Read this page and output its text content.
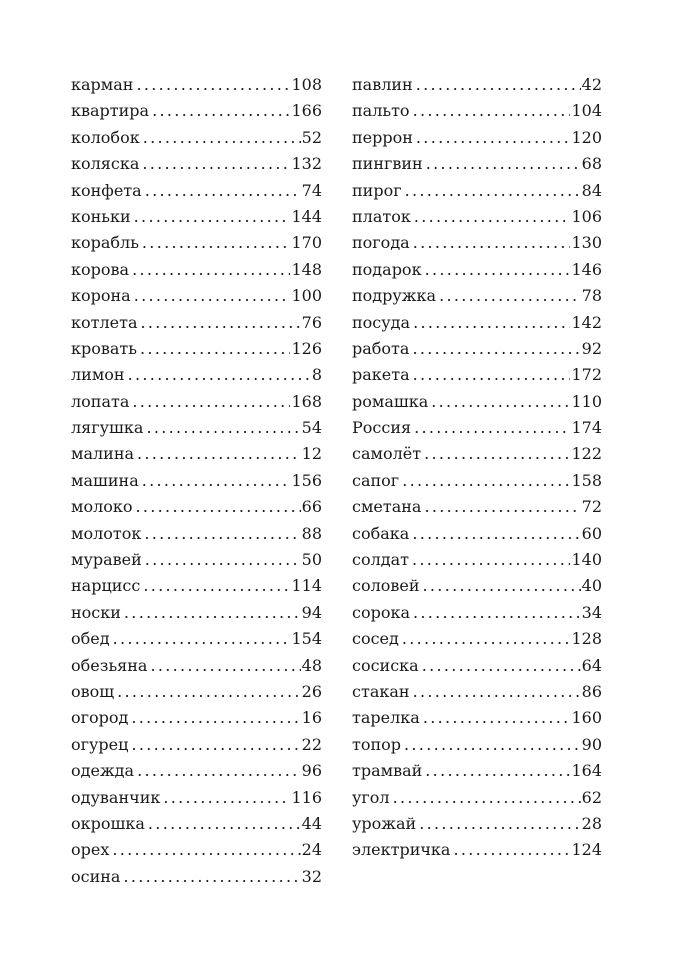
карман .....	108
квартира .....	166
колобок .....	52
коляска .....	132
конфета .....	74
коньки .....	144
корабль .....	170
корова .....	148
корона .....	100
котлета .....	76
кровать .....	126
лимон .....	8
лопата .....	168
лягушка .....	54
малина .....	12
машина .....	156
молоко .....	66
молоток .....	88
муравей .....	50
нарцисс .....	114
носки .....	94
обед .....	154
обезьяна .....	48
овощ .....	26
огород .....	16
огурец .....	22
одежда .....	96
одуванчик .....	116
окрошка .....	44
орех .....	24
осина .....	32
павлин .....	42
пальто .....	104
перрон .....	120
пингвин .....	68
пирог .....	84
платок .....	106
погода .....	130
подарок .....	146
подружка .....	78
посуда .....	142
работа .....	92
ракета .....	172
ромашка .....	110
Россия .....	174
самолёт .....	122
сапог .....	158
сметана .....	72
собака .....	60
солдат .....	140
соловей .....	40
сорока .....	34
сосед .....	128
сосиска .....	64
стакан .....	86
тарелка .....	160
топор .....	90
трамвай .....	164
угол .....	62
урожай .....	28
электричка .....	124
